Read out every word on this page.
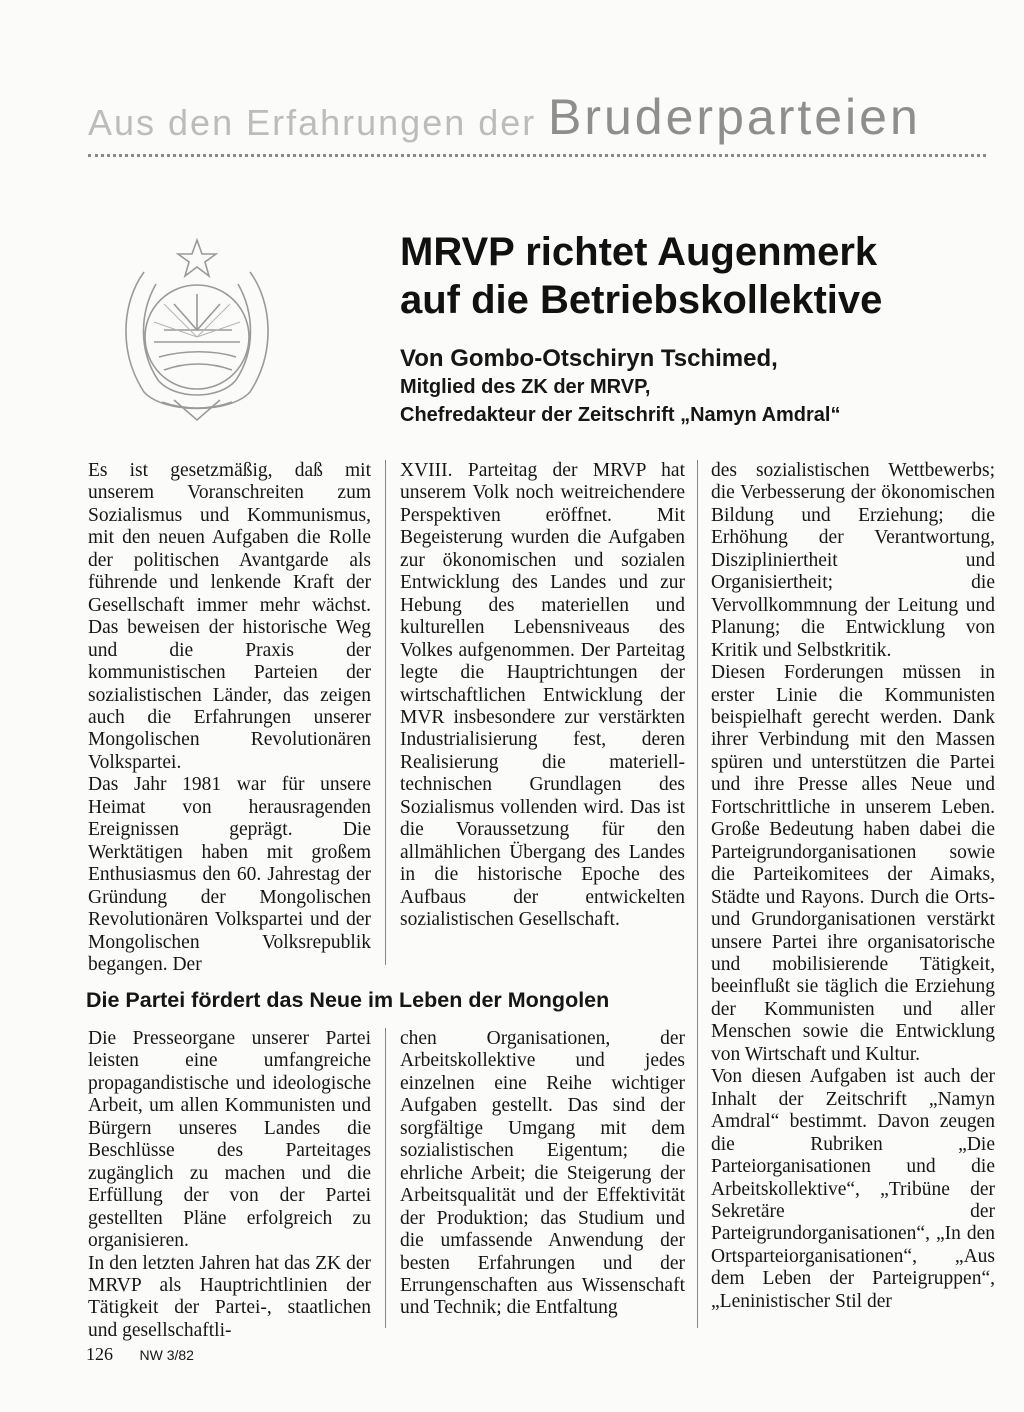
Aus den Erfahrungen der Bruderparteien
MRVP richtet Augenmerk
auf die Betriebskollektive
Von Gombo-Otschiryn Tschimed,
Mitglied des ZK der MRVP,
Chefredakteur der Zeitschrift „Namyn Amdral“

Es ist gesetzmäßig, daß mit unserem Voranschreiten zum Sozialismus und Kommunismus, mit den neuen Aufgaben die Rolle der politischen Avantgarde als führende und lenkende Kraft der Gesellschaft immer mehr wächst. Das beweisen der historische Weg und die Praxis der kommunistischen Parteien der sozialistischen Länder, das zeigen auch die Erfahrungen unserer Mongolischen Revolutionären Volkspartei.

Das Jahr 1981 war für unsere Heimat von herausragenden Ereignissen geprägt. Die Werktätigen haben mit großem Enthusiasmus den 60. Jahrestag der Gründung der Mongolischen Revolutionären Volkspartei und der Mongolischen Volksrepublik begangen. Der

XVIII. Parteitag der MRVP hat unserem Volk noch weitreichendere Perspektiven eröffnet. Mit Begeisterung wurden die Aufgaben zur ökonomischen und sozialen Entwicklung des Landes und zur Hebung des materiellen und kulturellen Lebensniveaus des Volkes aufgenommen. Der Parteitag legte die Hauptrichtungen der wirtschaftlichen Entwicklung der MVR insbesondere zur verstärkten Industrialisierung fest, deren Realisierung die materiell-technischen Grundlagen des Sozialismus vollenden wird. Das ist die Voraussetzung für den allmählichen Übergang des Landes in die historische Epoche des Aufbaus der entwickelten sozialistischen Gesellschaft.

des sozialistischen Wettbewerbs; die Verbesserung der ökonomischen Bildung und Erziehung; die Erhöhung der Verantwortung, Diszipliniertheit und Organisiertheit; die Vervollkommnung der Leitung und Planung; die Entwicklung von Kritik und Selbstkritik.

Diesen Forderungen müssen in erster Linie die Kommunisten beispielhaft gerecht werden. Dank ihrer Verbindung mit den Massen spüren und unterstützen die Partei und ihre Presse alles Neue und Fortschrittliche in unserem Leben. Große Bedeutung haben dabei die Parteigrundorganisationen sowie die Parteikomitees der Aimaks, Städte und Rayons. Durch die Orts- und Grundorganisationen verstärkt unsere Partei ihre organisatorische und mobilisierende Tätigkeit, beeinflußt sie täglich die Erziehung der Kommunisten und aller Menschen sowie die Entwicklung von Wirtschaft und Kultur.

Von diesen Aufgaben ist auch der Inhalt der Zeitschrift „Namyn Amdral“ bestimmt. Davon zeugen die Rubriken „Die Parteiorganisationen und die Arbeitskollektive“, „Tribüne der Sekretäre der Parteigrundorganisationen“, „In den Ortsparteiorganisationen“, „Aus dem Leben der Parteigruppen“, „Leninistischer Stil der

Die Partei fördert das Neue im Leben der Mongolen

Die Presseorgane unserer Partei leisten eine umfangreiche propagandistische und ideologische Arbeit, um allen Kommunisten und Bürgern unseres Landes die Beschlüsse des Parteitages zugänglich zu machen und die Erfüllung der von der Partei gestellten Pläne erfolgreich zu organisieren.

In den letzten Jahren hat das ZK der MRVP als Hauptrichtlinien der Tätigkeit der Partei-, staatlichen und gesellschaftli-

chen Organisationen, der Arbeitskollektive und jedes einzelnen eine Reihe wichtiger Aufgaben gestellt. Das sind der sorgfältige Umgang mit dem sozialistischen Eigentum; die ehrliche Arbeit; die Steigerung der Arbeitsqualität und der Effektivität der Produktion; das Studium und die umfassende Anwendung der besten Erfahrungen und der Errungenschaften aus Wissenschaft und Technik; die Entfaltung

126 NW 3/82
